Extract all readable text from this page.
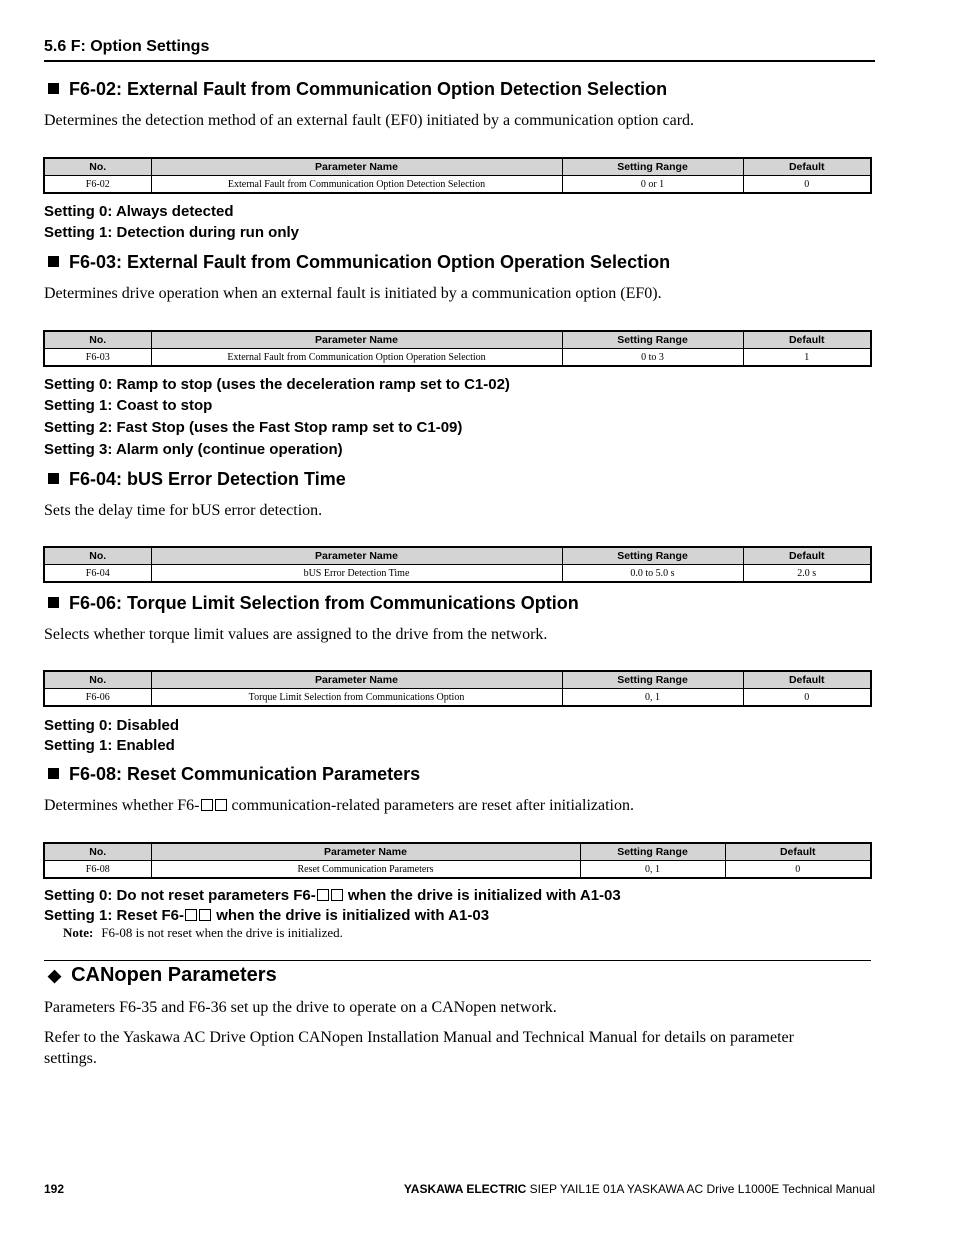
5.6 F: Option Settings
F6-02: External Fault from Communication Option Detection Selection
Determines the detection method of an external fault (EF0) initiated by a communication option card.
No.	Parameter Name	Setting Range	Default
F6-02	External Fault from Communication Option Detection Selection	0 or 1	0
Setting 0: Always detected
Setting 1: Detection during run only
F6-03: External Fault from Communication Option Operation Selection
Determines drive operation when an external fault is initiated by a communication option (EF0).
No.	Parameter Name	Setting Range	Default
F6-03	External Fault from Communication Option Operation Selection	0 to 3	1
Setting 0: Ramp to stop (uses the deceleration ramp set to C1-02)
Setting 1: Coast to stop
Setting 2: Fast Stop (uses the Fast Stop ramp set to C1-09)
Setting 3: Alarm only (continue operation)
F6-04: bUS Error Detection Time
Sets the delay time for bUS error detection.
No.	Parameter Name	Setting Range	Default
F6-04	bUS Error Detection Time	0.0 to 5.0 s	2.0 s
F6-06: Torque Limit Selection from Communications Option
Selects whether torque limit values are assigned to the drive from the network.
No.	Parameter Name	Setting Range	Default
F6-06	Torque Limit Selection from Communications Option	0, 1	0
Setting 0: Disabled
Setting 1: Enabled
F6-08: Reset Communication Parameters
Determines whether F6- communication-related parameters are reset after initialization.
No.	Parameter Name	Setting Range	Default
F6-08	Reset Communication Parameters	0, 1	0
Setting 0: Do not reset parameters F6- when the drive is initialized with A1-03
Setting 1: Reset F6- when the drive is initialized with A1-03
Note: F6-08 is not reset when the drive is initialized.
◆ CANopen Parameters
Parameters F6-35 and F6-36 set up the drive to operate on a CANopen network.
Refer to the Yaskawa AC Drive Option CANopen Installation Manual and Technical Manual for details on parameter
settings.
192	YASKAWA ELECTRIC SIEP YAIL1E 01A YASKAWA AC Drive L1000E Technical Manual
